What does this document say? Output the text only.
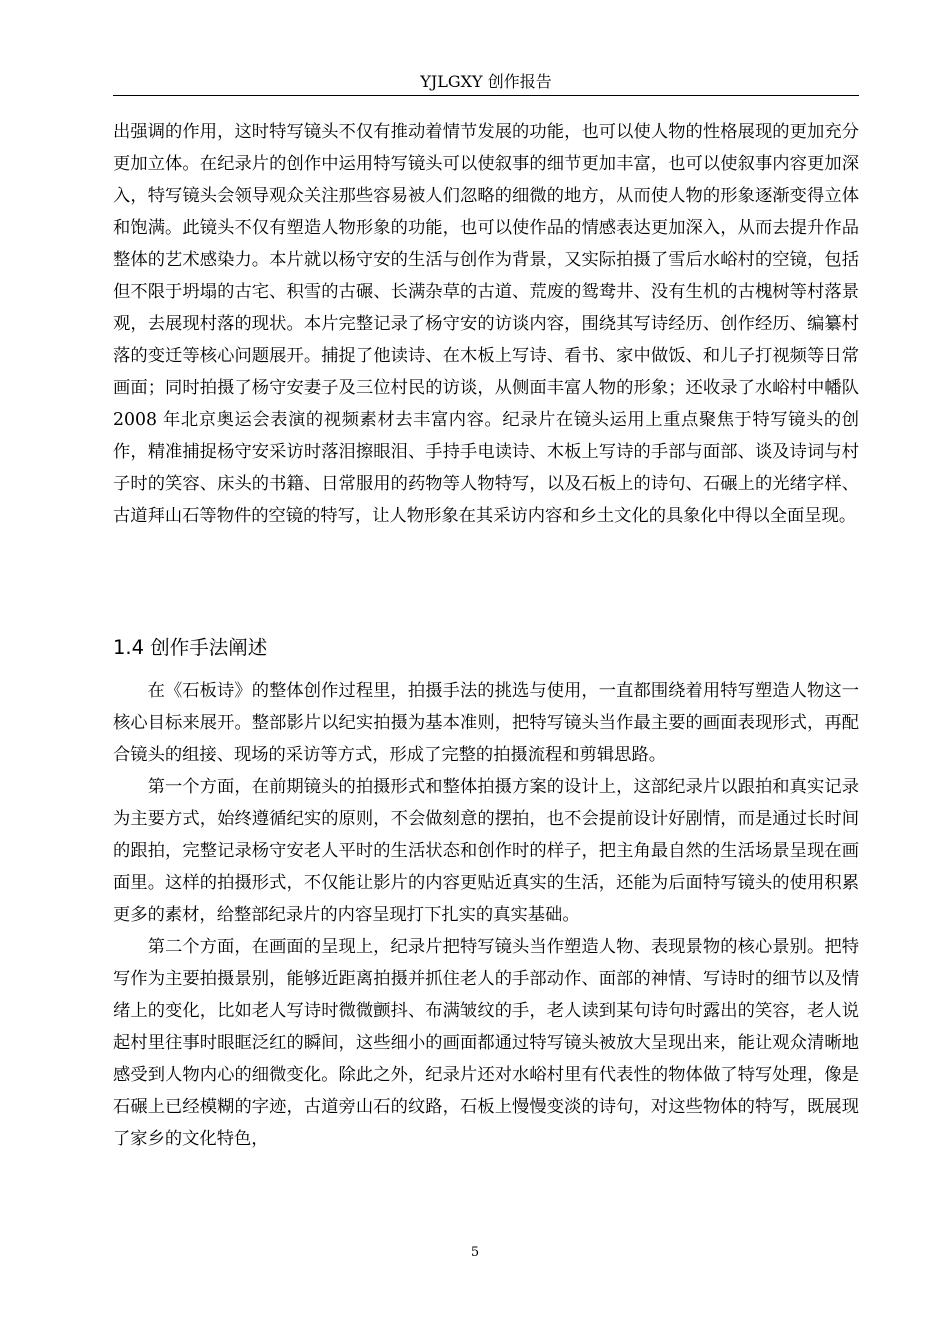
YJLGXY 创作报告

出强调的作用，这时特写镜头不仅有推动着情节发展的功能，也可以使人物的性格展现的更加充分更加立体。在纪录片的创作中运用特写镜头可以使叙事的细节更加丰富，也可以使叙事内容更加深入，特写镜头会领导观众关注那些容易被人们忽略的细微的地方，从而使人物的形象逐渐变得立体和饱满。此镜头不仅有塑造人物形象的功能，也可以使作品的情感表达更加深入，从而去提升作品整体的艺术感染力。本片就以杨守安的生活与创作为背景，又实际拍摄了雪后水峪村的空镜，包括但不限于坍塌的古宅、积雪的古碾、长满杂草的古道、荒废的鸳鸯井、没有生机的古槐树等村落景观，去展现村落的现状。本片完整记录了杨守安的访谈内容，围绕其写诗经历、创作经历、编纂村落的变迁等核心问题展开。捕捉了他读诗、在木板上写诗、看书、家中做饭、和儿子打视频等日常画面；同时拍摄了杨守安妻子及三位村民的访谈，从侧面丰富人物的形象；还收录了水峪村中幡队 2008 年北京奥运会表演的视频素材去丰富内容。纪录片在镜头运用上重点聚焦于特写镜头的创作，精准捕捉杨守安采访时落泪擦眼泪、手持手电读诗、木板上写诗的手部与面部、谈及诗词与村子时的笑容、床头的书籍、日常服用的药物等人物特写，以及石板上的诗句、石碾上的光绪字样、古道拜山石等物件的空镜的特写，让人物形象在其采访内容和乡土文化的具象化中得以全面呈现。

1.4 创作手法阐述

在《石板诗》的整体创作过程里，拍摄手法的挑选与使用，一直都围绕着用特写塑造人物这一核心目标来展开。整部影片以纪实拍摄为基本准则，把特写镜头当作最主要的画面表现形式，再配合镜头的组接、现场的采访等方式，形成了完整的拍摄流程和剪辑思路。

第一个方面，在前期镜头的拍摄形式和整体拍摄方案的设计上，这部纪录片以跟拍和真实记录为主要方式，始终遵循纪实的原则，不会做刻意的摆拍，也不会提前设计好剧情，而是通过长时间的跟拍，完整记录杨守安老人平时的生活状态和创作时的样子，把主角最自然的生活场景呈现在画面里。这样的拍摄形式，不仅能让影片的内容更贴近真实的生活，还能为后面特写镜头的使用积累更多的素材，给整部纪录片的内容呈现打下扎实的真实基础。

第二个方面，在画面的呈现上，纪录片把特写镜头当作塑造人物、表现景物的核心景别。把特写作为主要拍摄景别，能够近距离拍摄并抓住老人的手部动作、面部的神情、写诗时的细节以及情绪上的变化，比如老人写诗时微微颤抖、布满皱纹的手，老人读到某句诗句时露出的笑容，老人说起村里往事时眼眶泛红的瞬间，这些细小的画面都通过特写镜头被放大呈现出来，能让观众清晰地感受到人物内心的细微变化。除此之外，纪录片还对水峪村里有代表性的物体做了特写处理，像是石碾上已经模糊的字迹，古道旁山石的纹路，石板上慢慢变淡的诗句，对这些物体的特写，既展现了家乡的文化特色，

5
